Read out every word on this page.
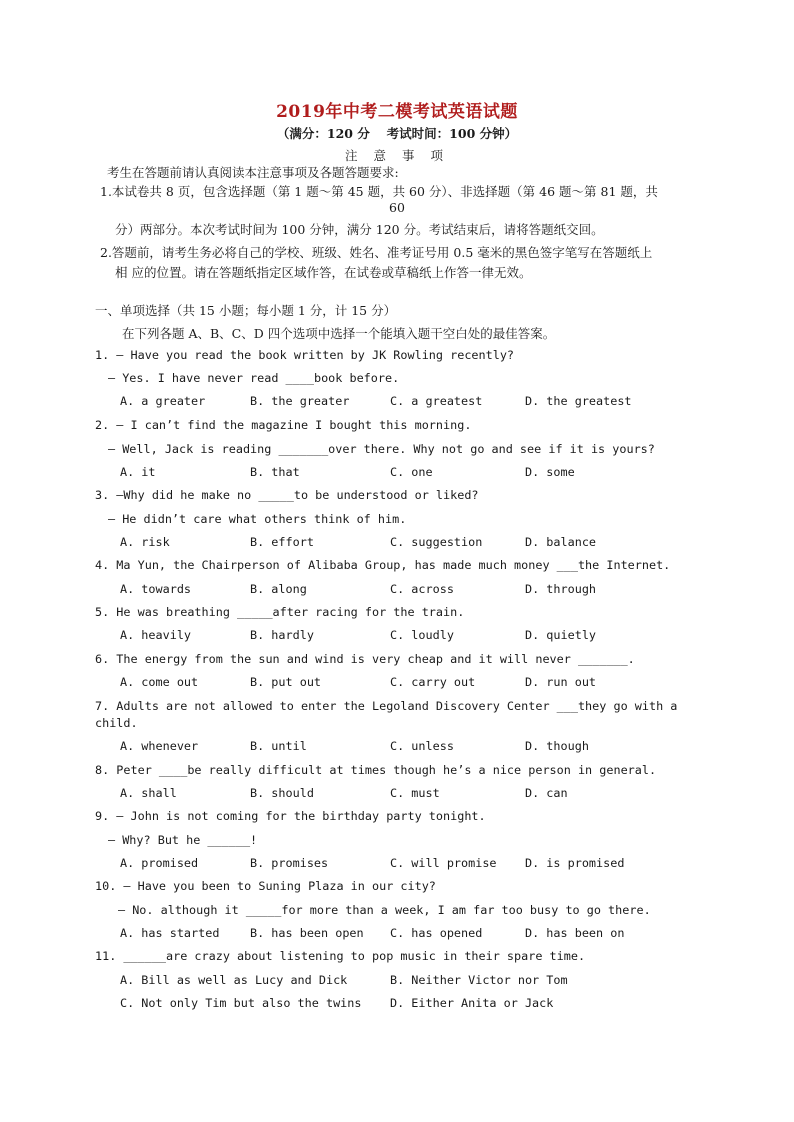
2019年中考二模考试英语试题
（满分：120 分　 考试时间：100 分钟）
注 意 事 项
考生在答题前请认真阅读本注意事项及各题答题要求:
1.本试卷共 8 页，包含选择题（第 1 题～第 45 题，共 60 分）、非选择题（第 46 题～第 81 题，共
60
分）两部分。本次考试时间为 100 分钟，满分 120 分。考试结束后，请将答题纸交回。
2.答题前，请考生务必将自己的学校、班级、姓名、准考证号用 0.5 毫米的黑色签字笔写在答题纸上
相 应的位置。请在答题纸指定区域作答，在试卷或草稿纸上作答一律无效。
一、单项选择（共 15 小题；每小题 1 分，计 15 分）
在下列各题 A、B、C、D 四个选项中选择一个能填入题干空白处的最佳答案。
1. — Have you read the book written by JK Rowling recently?
— Yes. I have never read ____book before.
A. a greater	B. the greater	C. a greatest	D. the greatest
2. — I can’t find the magazine I bought this morning.
— Well, Jack is reading _______over there. Why not go and see if it is yours?
A. it	B. that	C. one	D. some
3. —Why did he make no _____to be understood or liked?
— He didn’t care what others think of him.
A. risk	B. effort	C. suggestion	D. balance
4. Ma Yun, the Chairperson of Alibaba Group, has made much money ___the Internet.
A. towards	B. along	C. across	D. through
5. He was breathing _____after racing for the train.
A. heavily	B. hardly	C. loudly	D. quietly
6. The energy from the sun and wind is very cheap and it will never _______.
A. come out	B. put out	C. carry out	D. run out
7. Adults are not allowed to enter the Legoland Discovery Center ___they go with a
child.
A. whenever	B. until	C. unless	D. though
8. Peter ____be really difficult at times though he’s a nice person in general.
A. shall	B. should	C. must	D. can
9. — John is not coming for the birthday party tonight.
— Why? But he ______!
A. promised	B. promises	C. will promise D. is promised
10. — Have you been to Suning Plaza in our city?
— No. although it _____for more than a week, I am far too busy to go there.
A. has started	B. has been open C. has opened	D. has been on
11. ______are crazy about listening to pop music in their spare time.
A. Bill as well as Lucy and Dick	B. Neither Victor nor Tom
C. Not only Tim but also the twins D. Either Anita or Jack
